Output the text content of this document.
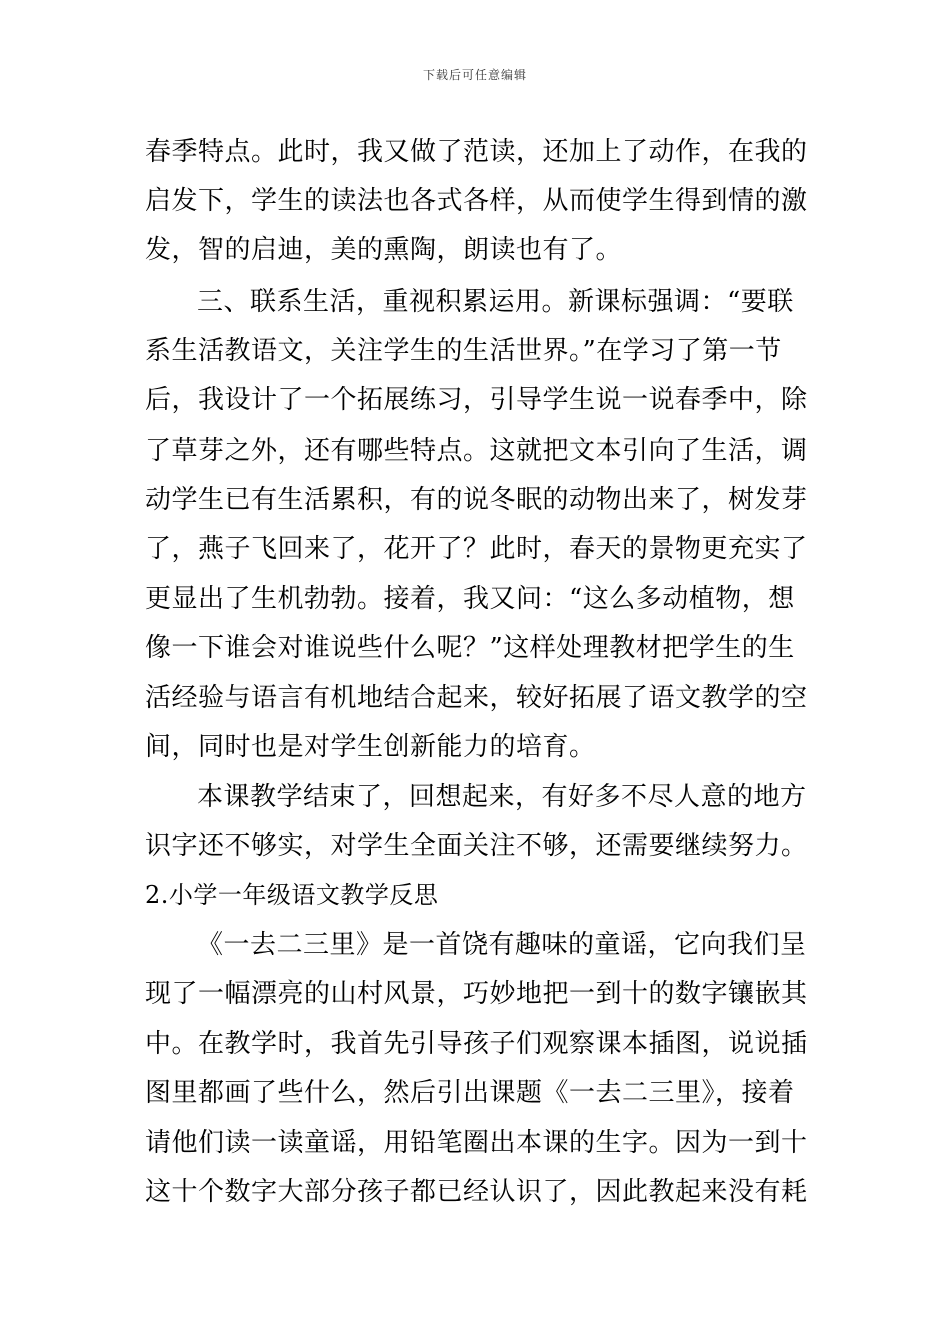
下载后可任意编辑
春季特点。此时，我又做了范读，还加上了动作，在我的
启发下，学生的读法也各式各样，从而使学生得到情的激
发，智的启迪，美的熏陶，朗读也有了。
三、联系生活，重视积累运用。新课标强调：“要联
系生活教语文，关注学生的生活世界。”在学习了第一节
后，我设计了一个拓展练习，引导学生说一说春季中，除
了草芽之外，还有哪些特点。这就把文本引向了生活，调
动学生已有生活累积，有的说冬眠的动物出来了，树发芽
了，燕子飞回来了，花开了？此时，春天的景物更充实了
更显出了生机勃勃。接着，我又问：“这么多动植物，想
像一下谁会对谁说些什么呢？”这样处理教材把学生的生
活经验与语言有机地结合起来，较好拓展了语文教学的空
间，同时也是对学生创新能力的培育。
本课教学结束了，回想起来，有好多不尽人意的地方
识字还不够实，对学生全面关注不够，还需要继续努力。
2.小学一年级语文教学反思
《一去二三里》是一首饶有趣味的童谣，它向我们呈
现了一幅漂亮的山村风景，巧妙地把一到十的数字镶嵌其
中。在教学时，我首先引导孩子们观察课本插图，说说插
图里都画了些什么，然后引出课题《一去二三里》，接着
请他们读一读童谣，用铅笔圈出本课的生字。因为一到十
这十个数字大部分孩子都已经认识了，因此教起来没有耗
